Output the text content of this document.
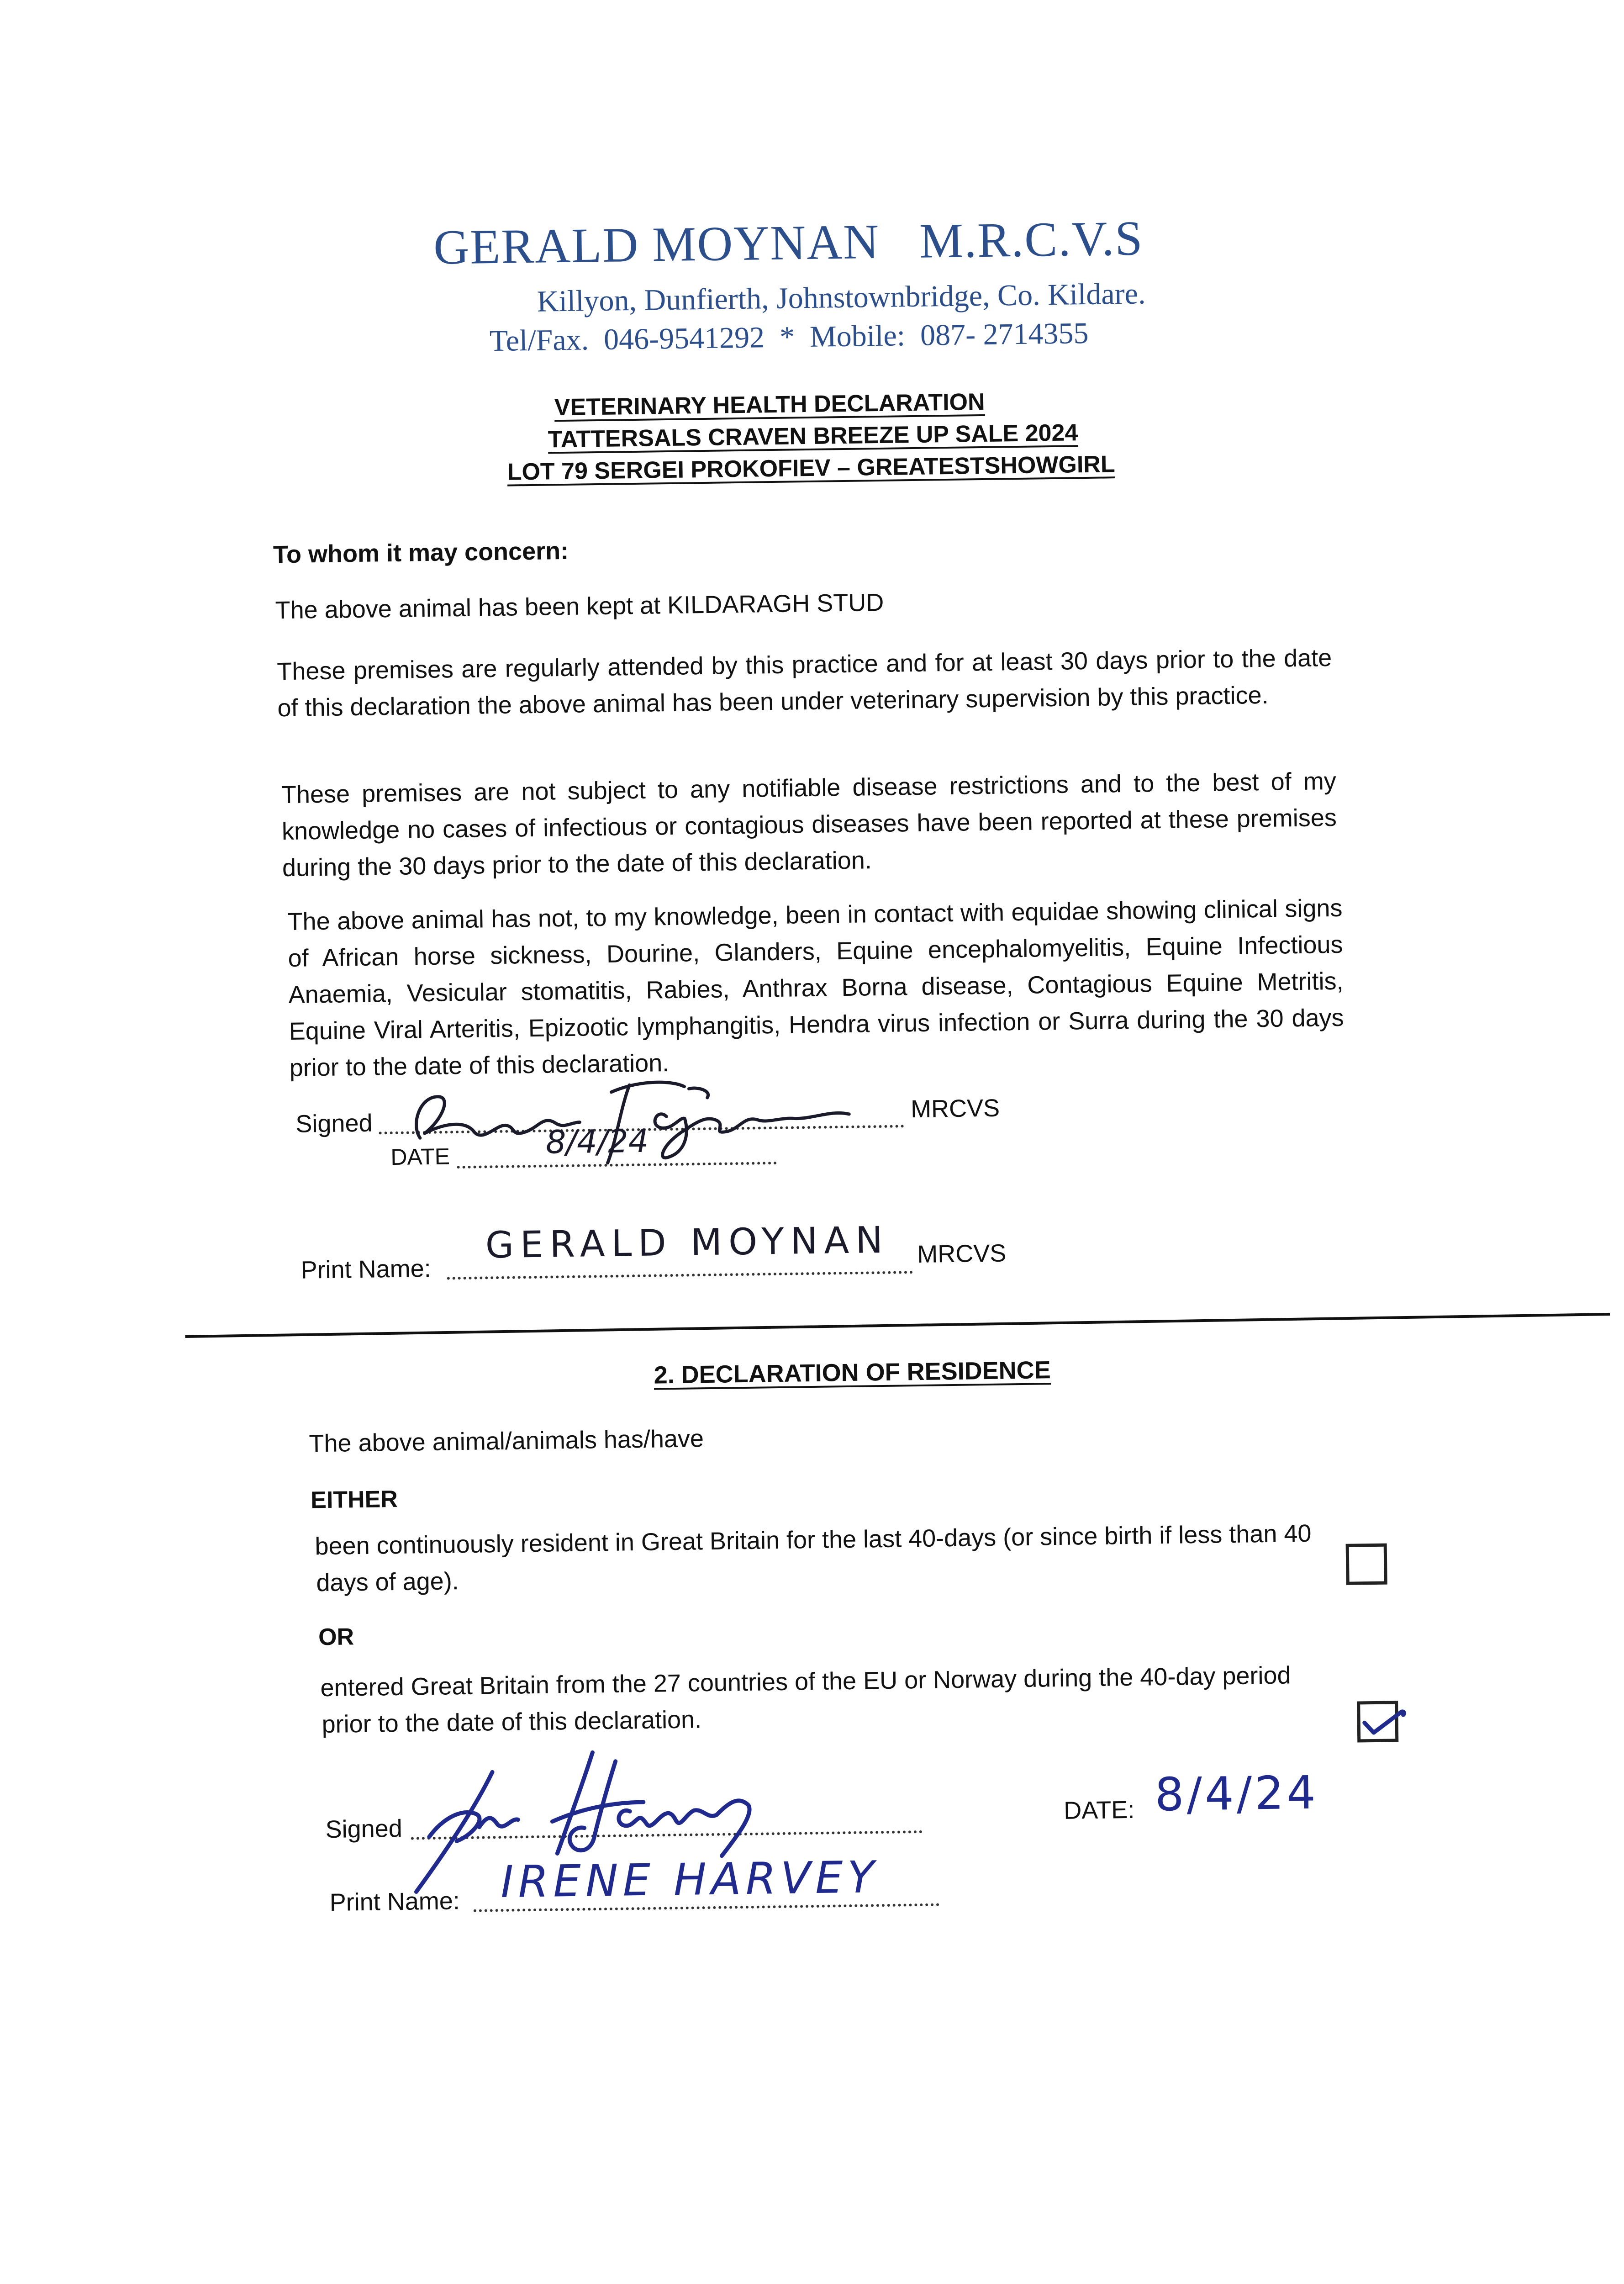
GERALD MOYNAN   M.R.C.V.S
Killyon, Dunfierth, Johnstownbridge, Co. Kildare.
Tel/Fax.  046-9541292  *  Mobile:  087- 2714355
VETERINARY HEALTH DECLARATION
TATTERSALS CRAVEN BREEZE UP SALE 2024
LOT 79 SERGEI PROKOFIEV – GREATESTSHOWGIRL
To whom it may concern:
The above animal has been kept at KILDARAGH STUD
These premises are regularly attended by this practice and for at least 30 days prior to the date of this declaration the above animal has been under veterinary supervision by this practice.
These premises are not subject to any notifiable disease restrictions and to the best of my knowledge no cases of infectious or contagious diseases have been reported at these premises during the 30 days prior to the date of this declaration.
The above animal has not, to my knowledge, been in contact with equidae showing clinical signs of African horse sickness, Dourine, Glanders, Equine encephalomyelitis, Equine Infectious Anaemia, Vesicular stomatitis, Rabies, Anthrax Borna disease, Contagious Equine Metritis, Equine Viral Arteritis, Epizootic lymphangitis, Hendra virus infection or Surra during the 30 days prior to the date of this declaration.
Signed
MRCVS
DATE	8/4/24
Print Name:
GERALD MOYNAN MRCVS
2. DECLARATION OF RESIDENCE
The above animal/animals has/have
EITHER
been continuously resident in Great Britain for the last 40-days (or since birth if less than 40
days of age).
OR
entered Great Britain from the 27 countries of the EU or Norway during the 40-day period
prior to the date of this declaration.
Signed
DATE: 8/4/24
Print Name: IRENE HARVEY
